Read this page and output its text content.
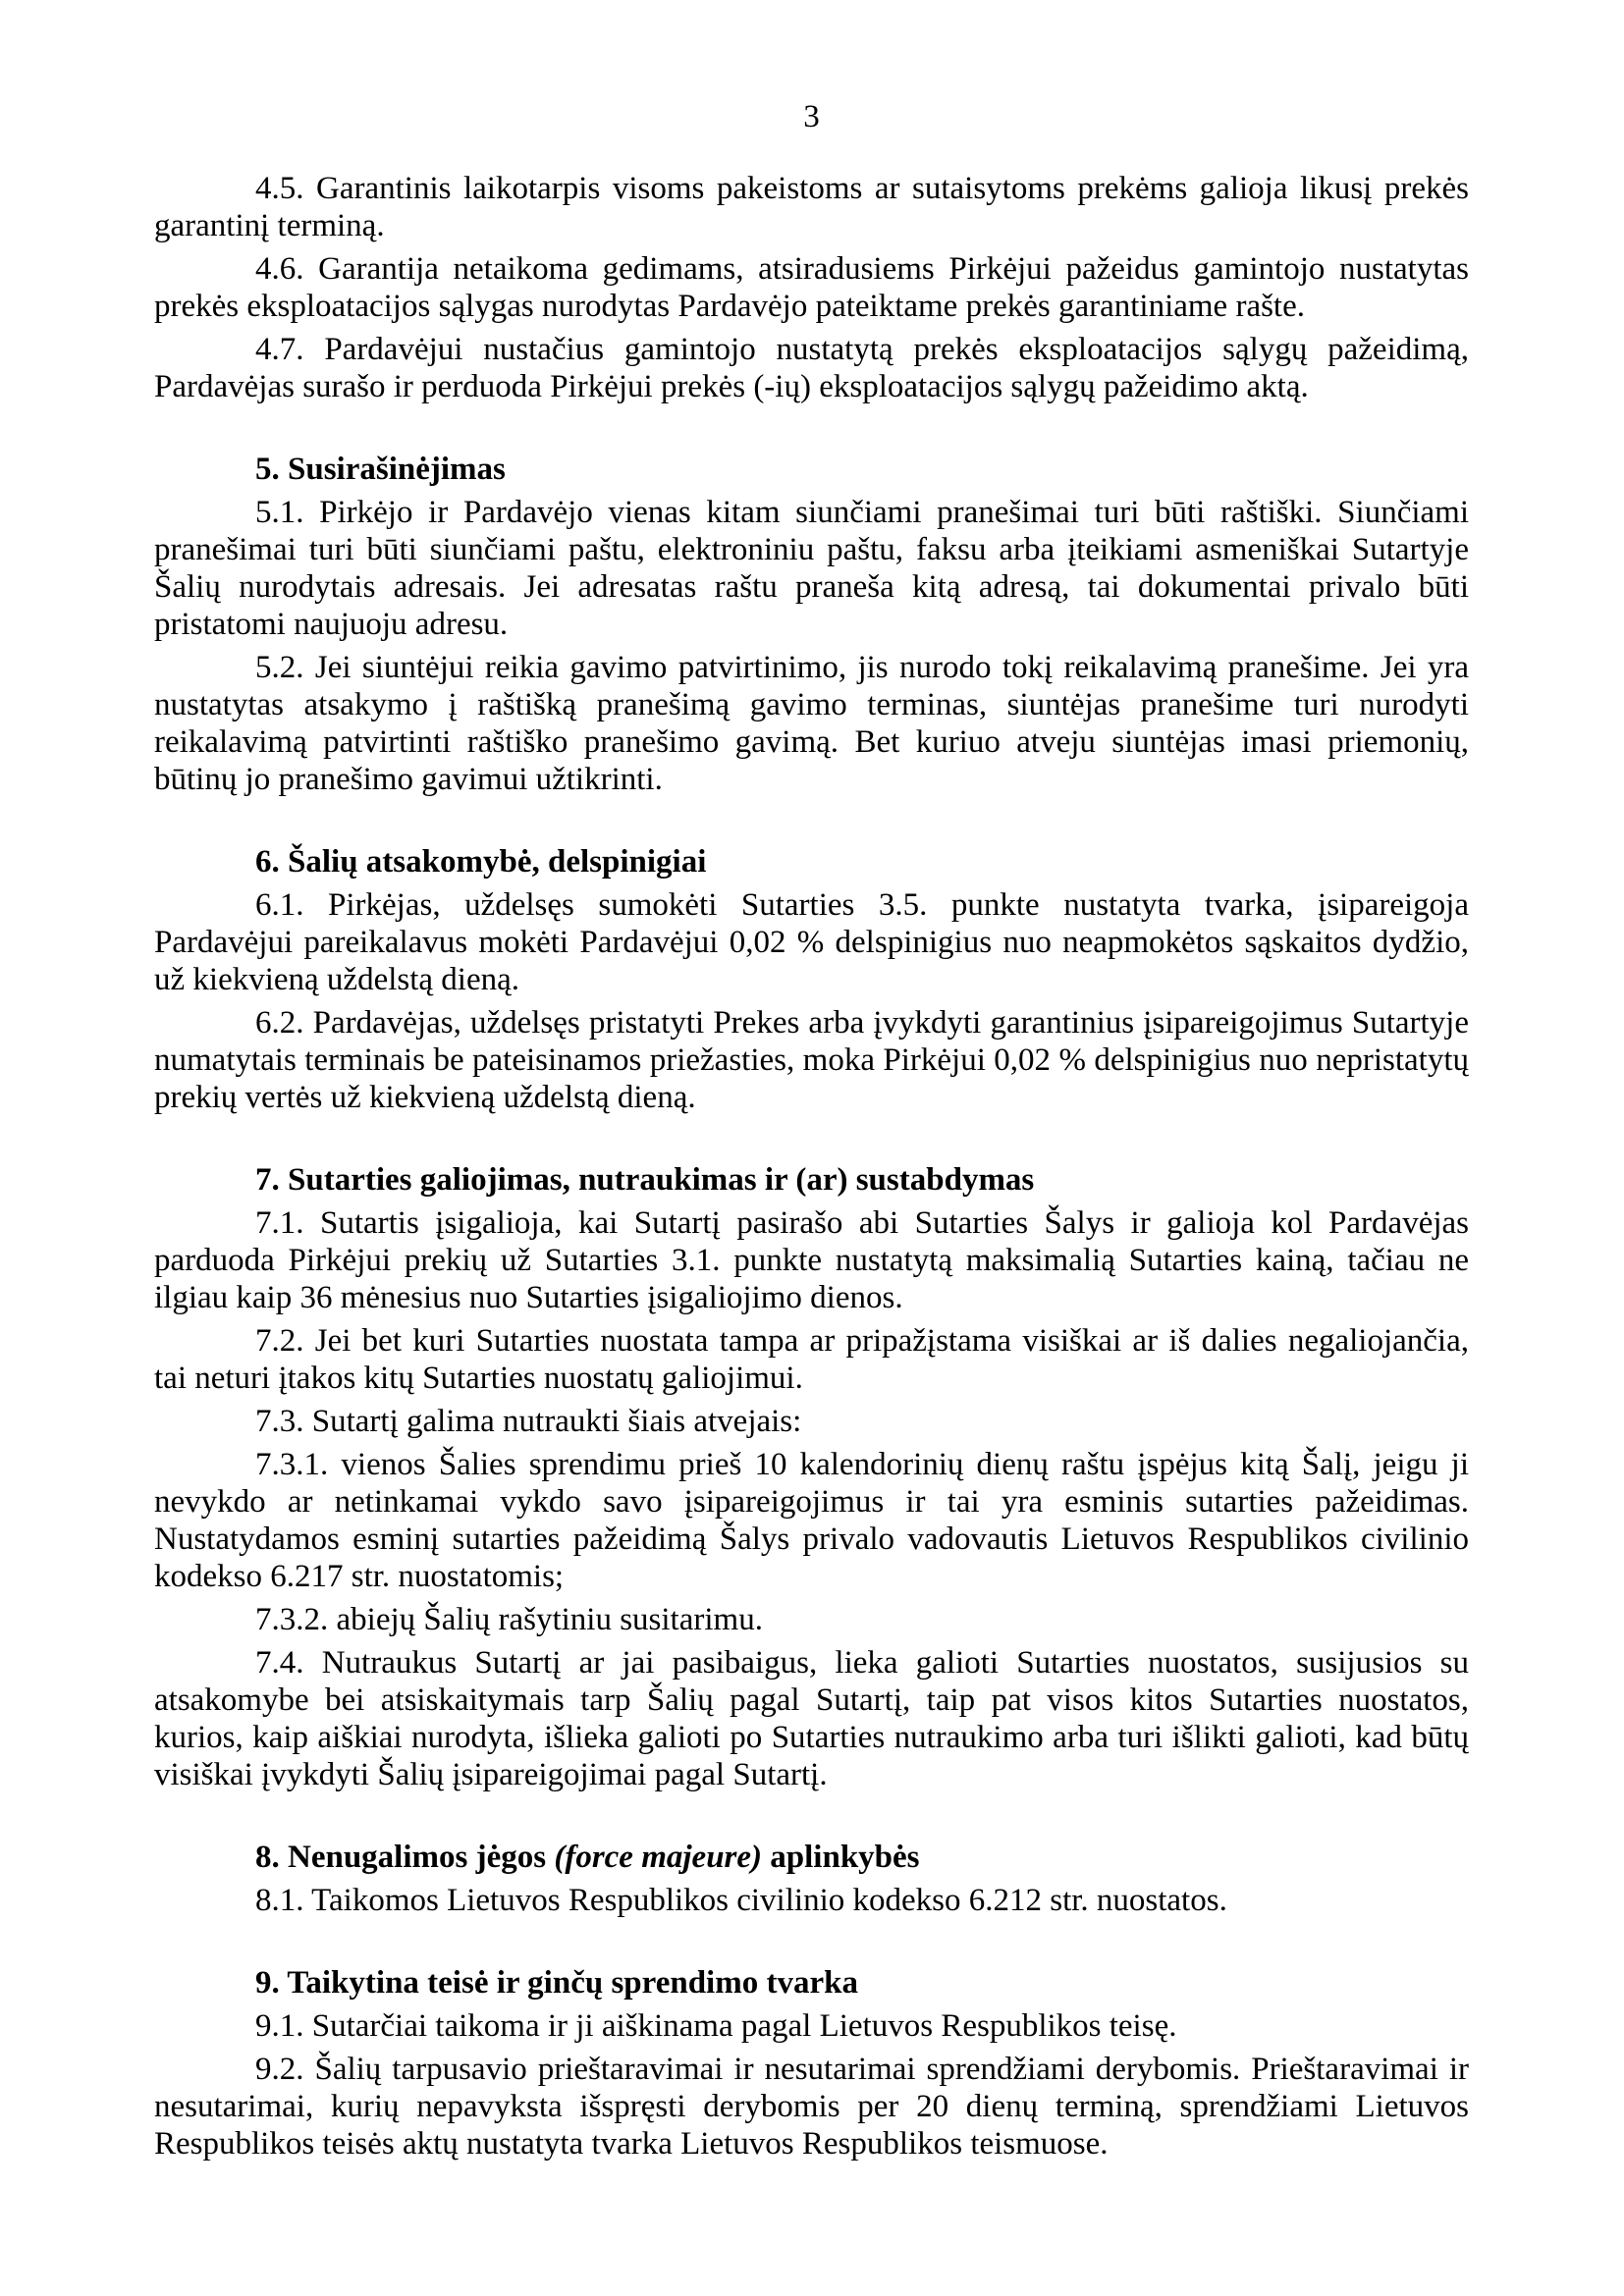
3

4.5. Garantinis laikotarpis visoms pakeistoms ar sutaisytoms prekėms galioja likusį prekės garantinį terminą.

4.6. Garantija netaikoma gedimams, atsiradusiems Pirkėjui pažeidus gamintojo nustatytas prekės eksploatacijos sąlygas nurodytas Pardavėjo pateiktame prekės garantiniame rašte.

4.7. Pardavėjui nustačius gamintojo nustatytą prekės eksploatacijos sąlygų pažeidimą, Pardavėjas surašo ir perduoda Pirkėjui prekės (-ių) eksploatacijos sąlygų pažeidimo aktą.

5. Susirašinėjimas

5.1. Pirkėjo ir Pardavėjo vienas kitam siunčiami pranešimai turi būti raštiški. Siunčiami pranešimai turi būti siunčiami paštu, elektroniniu paštu, faksu arba įteikiami asmeniškai Sutartyje Šalių nurodytais adresais. Jei adresatas raštu praneša kitą adresą, tai dokumentai privalo būti pristatomi naujuoju adresu.

5.2. Jei siuntėjui reikia gavimo patvirtinimo, jis nurodo tokį reikalavimą pranešime. Jei yra nustatytas atsakymo į raštišką pranešimą gavimo terminas, siuntėjas pranešime turi nurodyti reikalavimą patvirtinti raštiško pranešimo gavimą. Bet kuriuo atveju siuntėjas imasi priemonių, būtinų jo pranešimo gavimui užtikrinti.

6. Šalių atsakomybė, delspinigiai

6.1. Pirkėjas, uždelsęs sumokėti Sutarties 3.5. punkte nustatyta tvarka, įsipareigoja Pardavėjui pareikalavus mokėti Pardavėjui 0,02 % delspinigius nuo neapmokėtos sąskaitos dydžio, už kiekvieną uždelstą dieną.

6.2. Pardavėjas, uždelsęs pristatyti Prekes arba įvykdyti garantinius įsipareigojimus Sutartyje numatytais terminais be pateisinamos priežasties, moka Pirkėjui 0,02 % delspinigius nuo nepristatytų prekių vertės už kiekvieną uždelstą dieną.

7. Sutarties galiojimas, nutraukimas ir (ar) sustabdymas

7.1. Sutartis įsigalioja, kai Sutartį pasirašo abi Sutarties Šalys ir galioja kol Pardavėjas parduoda Pirkėjui prekių už Sutarties 3.1. punkte nustatytą maksimalią Sutarties kainą, tačiau ne ilgiau kaip 36 mėnesius nuo Sutarties įsigaliojimo dienos.

7.2. Jei bet kuri Sutarties nuostata tampa ar pripažįstama visiškai ar iš dalies negaliojančia, tai neturi įtakos kitų Sutarties nuostatų galiojimui.

7.3. Sutartį galima nutraukti šiais atvejais:

7.3.1. vienos Šalies sprendimu prieš 10 kalendorinių dienų raštu įspėjus kitą Šalį, jeigu ji nevykdo ar netinkamai vykdo savo įsipareigojimus ir tai yra esminis sutarties pažeidimas. Nustatydamos esminį sutarties pažeidimą Šalys privalo vadovautis Lietuvos Respublikos civilinio kodekso 6.217 str. nuostatomis;

7.3.2. abiejų Šalių rašytiniu susitarimu.

7.4. Nutraukus Sutartį ar jai pasibaigus, lieka galioti Sutarties nuostatos, susijusios su atsakomybe bei atsiskaitymais tarp Šalių pagal Sutartį, taip pat visos kitos Sutarties nuostatos, kurios, kaip aiškiai nurodyta, išlieka galioti po Sutarties nutraukimo arba turi išlikti galioti, kad būtų visiškai įvykdyti Šalių įsipareigojimai pagal Sutartį.

8. Nenugalimos jėgos (force majeure) aplinkybės

8.1. Taikomos Lietuvos Respublikos civilinio kodekso 6.212 str. nuostatos.

9. Taikytina teisė ir ginčų sprendimo tvarka

9.1. Sutarčiai taikoma ir ji aiškinama pagal Lietuvos Respublikos teisę.

9.2. Šalių tarpusavio prieštaravimai ir nesutarimai sprendžiami derybomis. Prieštaravimai ir nesutarimai, kurių nepavyksta išspręsti derybomis per 20 dienų terminą, sprendžiami Lietuvos Respublikos teisės aktų nustatyta tvarka Lietuvos Respublikos teismuose.
